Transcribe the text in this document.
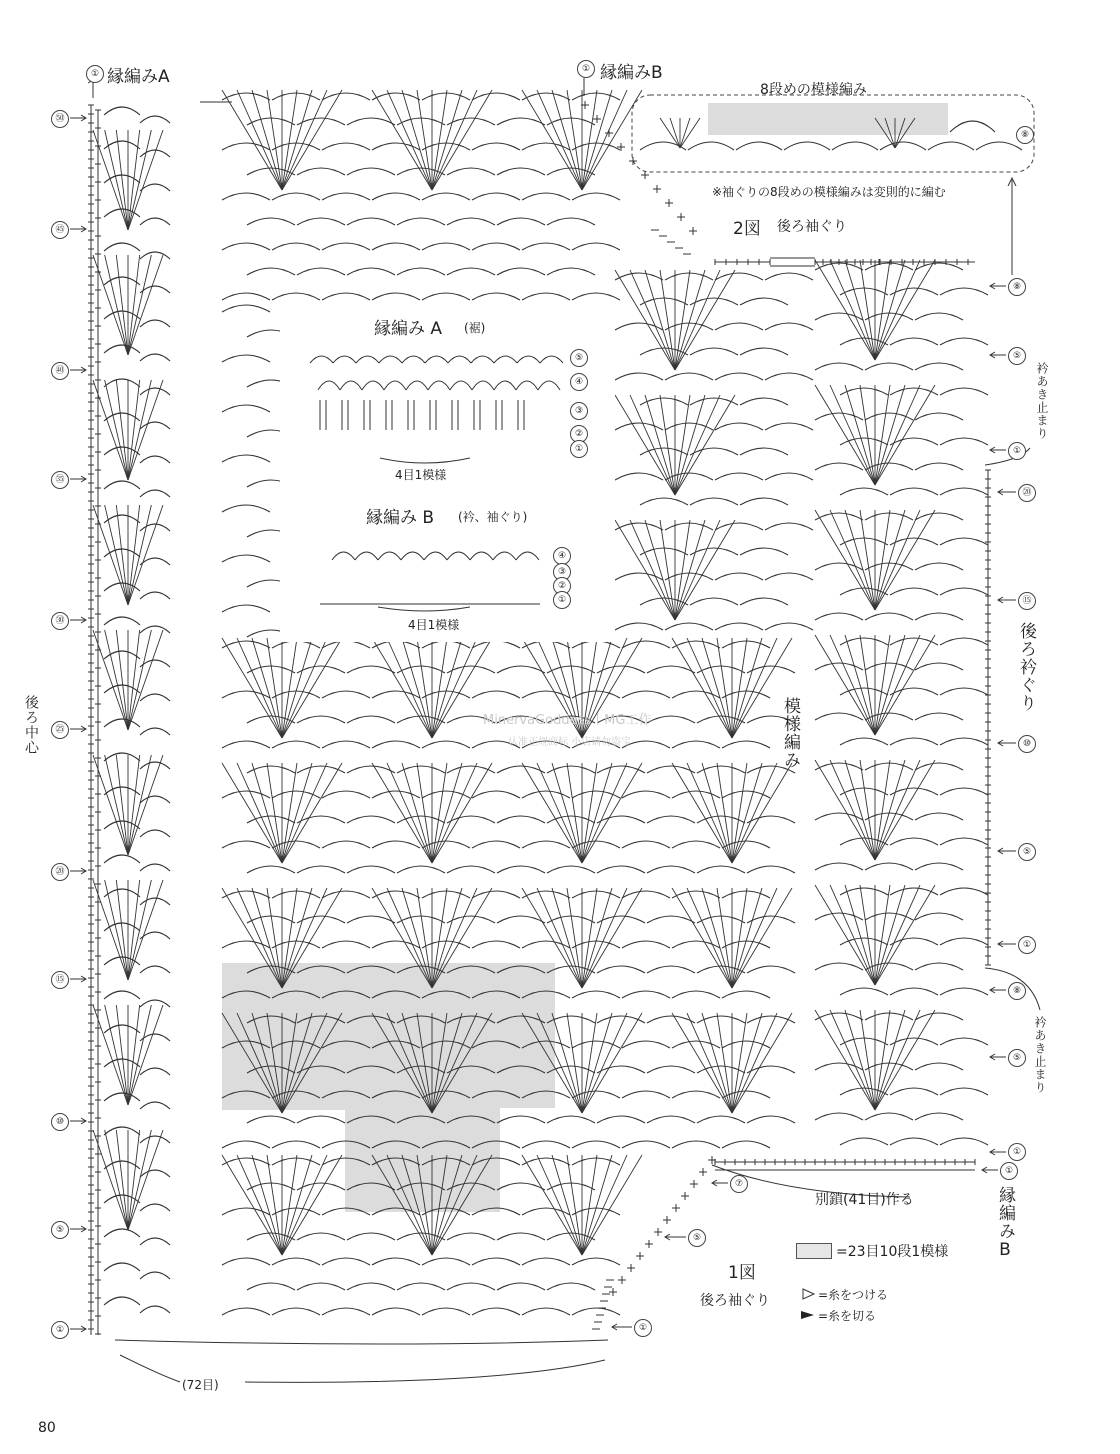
① 縁編みA	① 縁編みB
8段めの模様編み
⑧
※袖ぐりの8段めの模様編みは変則的に編む
2図 後ろ袖ぐり
縁編み A (裾)
4目1模様
縁編み B (衿、袖ぐり)
4目1模様
⑤
④
③
②
①
④
③
②
①
㊿
㊺
㊵
㉟
㉚
㉕
⑳
⑮
⑩
⑤
①
後ろ中心	模様編み
⑧
⑤
衿あき止まり
①
⑳
⑮
後ろ衿ぐり
⑩
⑤
①
⑧
衿あき止まり
⑤
①
①
別鎖(41目)作る	縁編みB
⑦
⑤
①
1図
後ろ袖ぐり
=23目10段1模様
=糸をつける
=糸を切る
(72目)
80
MinervaGoddess丨MG工作
认准正规商标 小店请勿盗宝
